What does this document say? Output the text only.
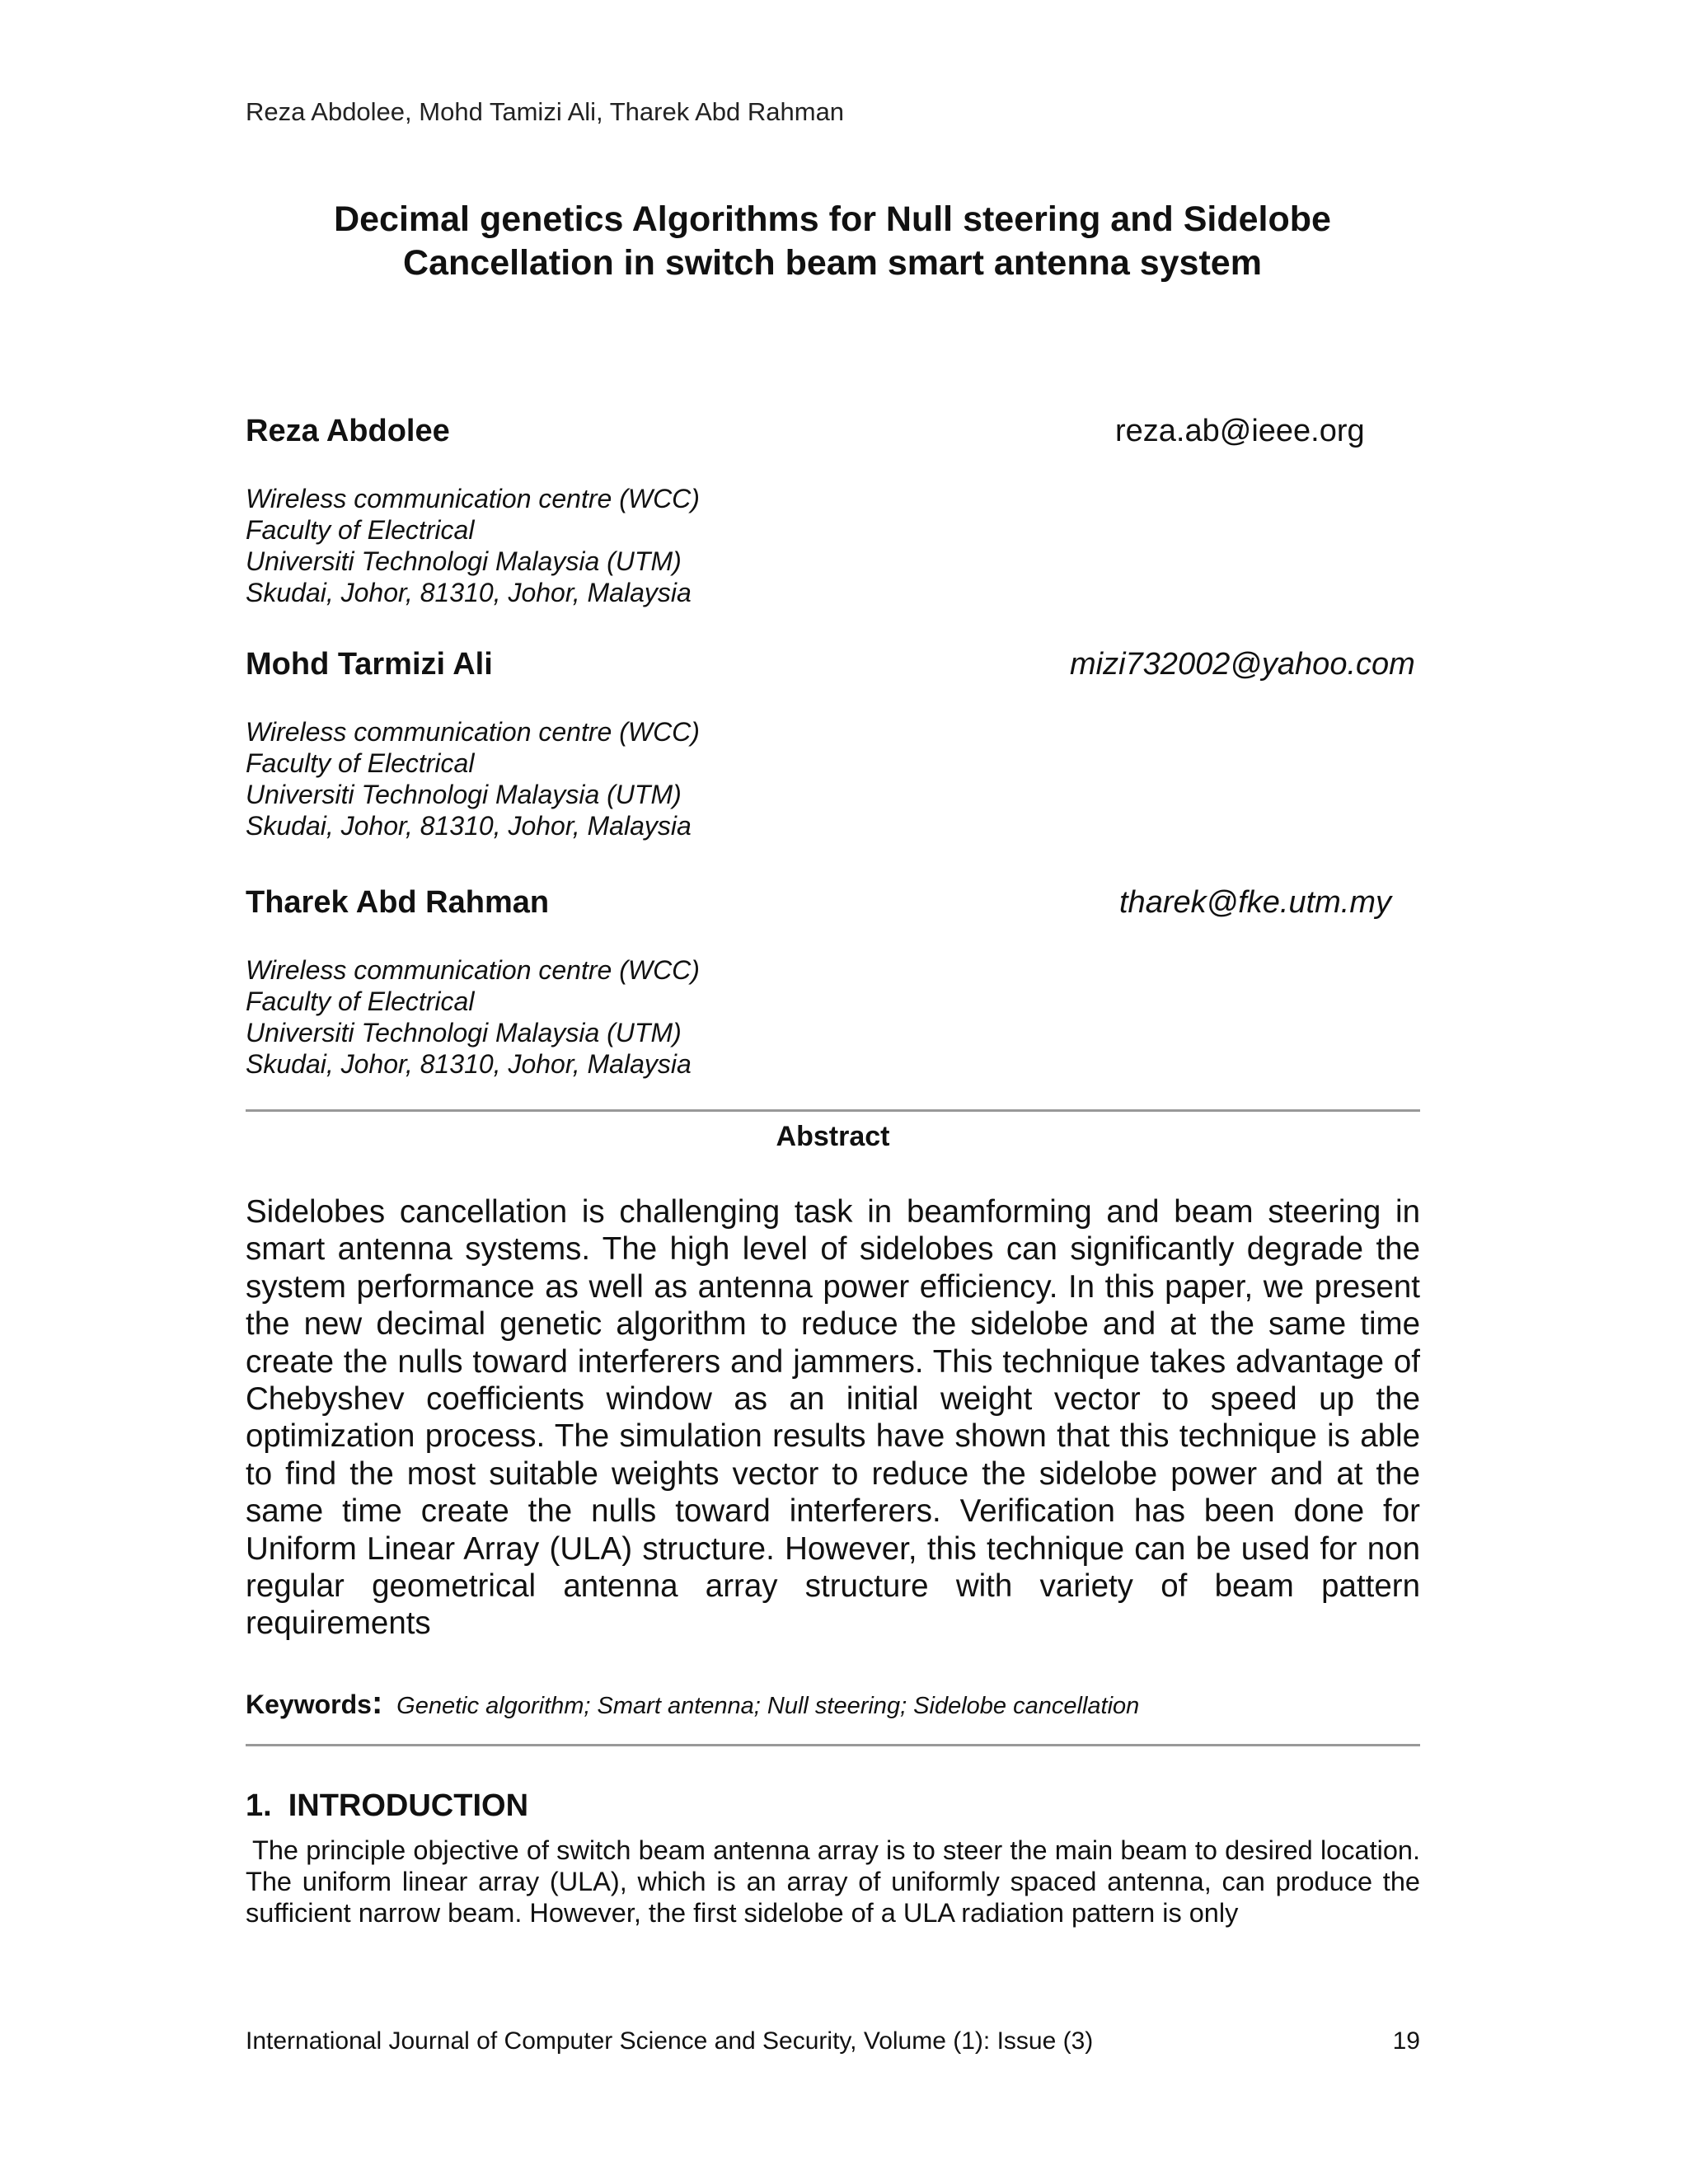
Reza Abdolee, Mohd Tamizi Ali, Tharek Abd Rahman
Decimal genetics Algorithms for Null steering and Sidelobe
Cancellation in switch beam smart antenna system
Reza Abdolee	reza.ab@ieee.org
Wireless communication centre (WCC)
Faculty of Electrical
Universiti Technologi Malaysia (UTM)
Skudai, Johor, 81310, Johor, Malaysia
Mohd Tarmizi Ali	mizi732002@yahoo.com
Wireless communication centre (WCC)
Faculty of Electrical
Universiti Technologi Malaysia (UTM)
Skudai, Johor, 81310, Johor, Malaysia
Tharek Abd Rahman	tharek@fke.utm.my
Wireless communication centre (WCC)
Faculty of Electrical
Universiti Technologi Malaysia (UTM)
Skudai, Johor, 81310, Johor, Malaysia
Abstract

Sidelobes cancellation is challenging task in beamforming and beam steering in smart antenna systems. The high level of sidelobes can significantly degrade the system performance as well as antenna power efficiency. In this paper, we present the new decimal genetic algorithm to reduce the sidelobe and at the same time create the nulls toward interferers and jammers. This technique takes advantage of Chebyshev coefficients window as an initial weight vector to speed up the optimization process. The simulation results have shown that this technique is able to find the most suitable weights vector to reduce the sidelobe power and at the same time create the nulls toward interferers. Verification has been done for Uniform Linear Array (ULA) structure. However, this technique can be used for non regular geometrical antenna array structure with variety of beam pattern requirements

Keywords: Genetic algorithm; Smart antenna; Null steering; Sidelobe cancellation
1. INTRODUCTION

The principle objective of switch beam antenna array is to steer the main beam to desired location. The uniform linear array (ULA), which is an array of uniformly spaced antenna, can produce the sufficient narrow beam. However, the first sidelobe of a ULA radiation pattern is only

International Journal of Computer Science and Security, Volume (1): Issue (3)	19
